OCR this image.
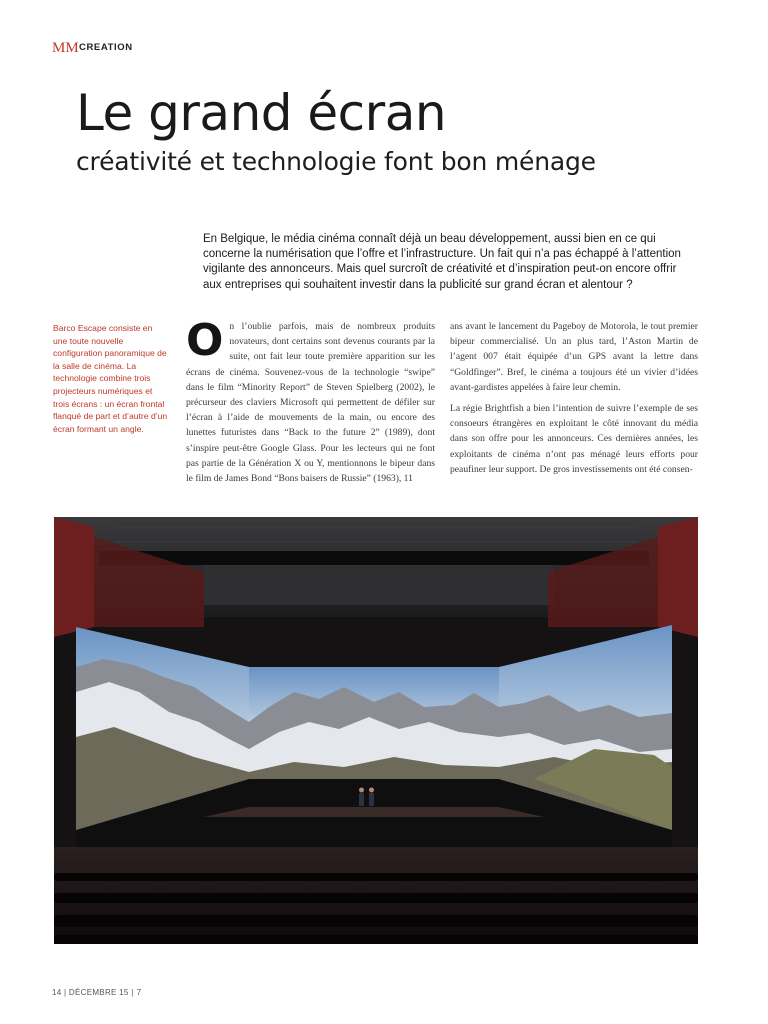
MM CREATION
Le grand écran
créativité et technologie font bon ménage
En Belgique, le média cinéma connaît déjà un beau développement, aussi bien en ce qui concerne la numérisation que l’offre et l’infrastructure. Un fait qui n’a pas échappé à l’attention vigilante des annonceurs. Mais quel surcroît de créativité et d’inspiration peut-on encore offrir aux entreprises qui souhaitent investir dans la publicité sur grand écran et alentour ?
Barco Escape consiste en une toute nouvelle configuration panoramique de la salle de cinéma. La technologie combine trois projecteurs numériques et trois écrans : un écran frontal flanqué de part et d’autre d’un écran formant un angle.

On l’oublie parfois, mais de nombreux produits novateurs, dont certains sont devenus courants par la suite, ont fait leur toute première apparition sur les écrans de cinéma. Souvenez-vous de la technologie “swipe” dans le film “Minority Report” de Steven Spielberg (2002), le précurseur des claviers Microsoft qui permettent de défiler sur l’écran à l’aide de mouvements de la main, ou encore des lunettes futuristes dans “Back to the future 2” (1989), dont s’inspire peut-être Google Glass. Pour les lecteurs qui ne font pas partie de la Génération X ou Y, mentionnons le bipeur dans le film de James Bond “Bons baisers de Russie” (1963), 11

ans avant le lancement du Pageboy de Motorola, le tout premier bipeur commercialisé. Un an plus tard, l’Aston Martin de l’agent 007 était équipée d’un GPS avant la lettre dans “Goldfinger”. Bref, le cinéma a toujours été un vivier d’idées avant-gardistes appelées à faire leur chemin.

La régie Brightfish a bien l’intention de suivre l’exemple de ses consoeurs étrangères en exploitant le côté innovant du média dans son offre pour les annonceurs. Ces dernières années, les exploitants de cinéma n’ont pas ménagé leurs efforts pour peaufiner leur support. De gros investissements ont été consen-

14 | DÉCEMBRE 15 | 7
